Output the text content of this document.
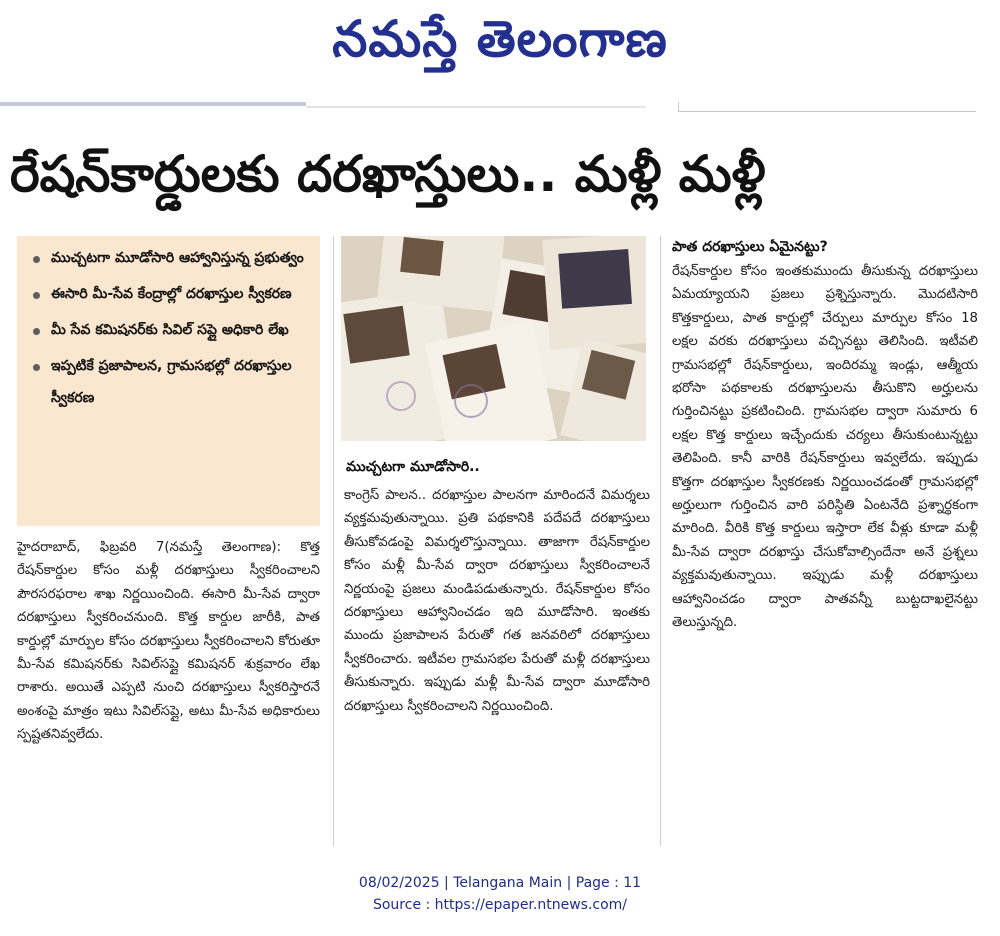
నమస్తే తెలంగాణ
రేషన్‌కార్డులకు దరఖాస్తులు.. మళ్లీ మళ్లీ
ముచ్చటగా మూడోసారి ఆహ్వానిస్తున్న ప్రభుత్వం
ఈసారి మీ-సేవ కేంద్రాల్లో దరఖాస్తుల స్వీకరణ
మీ సేవ కమిషనర్‌కు సివిల్ సప్లై అధికారి లేఖ
ఇప్పటికే ప్రజాపాలన, గ్రామసభల్లో దరఖాస్తుల స్వీకరణ

హైదరాబాద్, ఫిబ్రవరి 7(నమస్తే తెలంగాణ): కొత్త రేషన్‌కార్డుల కోసం మళ్లీ దరఖాస్తులు స్వీకరించాలని పౌరసరఫరాల శాఖ నిర్ణయించింది. ఈసారి మీ-సేవ ద్వారా దరఖాస్తులు స్వీకరించనుంది. కొత్త కార్డుల జారీకి, పాత కార్డుల్లో మార్పుల కోసం దరఖాస్తులు స్వీకరించాలని కోరుతూ మీ-సేవ కమిషనర్‌కు సివిల్‌సప్లై కమిషనర్ శుక్రవారం లేఖ రాశారు. అయితే ఎప్పటి నుంచి దరఖాస్తులు స్వీకరిస్తారనే అంశంపై మాత్రం ఇటు సివిల్‌సప్లై, అటు మీ-సేవ అధికారులు స్పష్టతనివ్వలేదు.

ముచ్చటగా మూడోసారి..

కాంగ్రెస్ పాలన.. దరఖాస్తుల పాలనగా మారిందనే విమర్శలు వ్యక్తమవుతున్నాయి. ప్రతి పథకానికి పదేపదే దరఖాస్తులు తీసుకోవడంపై విమర్శలొస్తున్నాయి. తాజాగా రేషన్‌కార్డుల కోసం మళ్లీ మీ-సేవ ద్వారా దరఖాస్తులు స్వీకరించాలనే నిర్ణయంపై ప్రజలు మండిపడుతున్నారు. రేషన్‌కార్డుల కోసం దరఖాస్తులు ఆహ్వానించడం ఇది మూడోసారి. ఇంతకు ముందు ప్రజాపాలన పేరుతో గత జనవరిలో దరఖాస్తులు స్వీకరించారు. ఇటీవల గ్రామసభల పేరుతో మళ్లీ దరఖాస్తులు తీసుకున్నారు. ఇప్పుడు మళ్లీ మీ-సేవ ద్వారా మూడోసారి దరఖాస్తులు స్వీకరించాలని నిర్ణయించింది.

పాత దరఖాస్తులు ఏమైనట్టు?

రేషన్‌కార్డుల కోసం ఇంతకుముందు తీసుకున్న దరఖాస్తులు ఏమయ్యాయని ప్రజలు ప్రశ్నిస్తున్నారు. మొదటిసారి కొత్తకార్డులు, పాత కార్డుల్లో చేర్పులు మార్పుల కోసం 18 లక్షల వరకు దరఖాస్తులు వచ్చినట్టు తెలిసింది. ఇటీవలి గ్రామసభల్లో రేషన్‌కార్డులు, ఇందిరమ్మ ఇండ్లు, ఆత్మీయ భరోసా పథకాలకు దరఖాస్తులను తీసుకొని అర్హులను గుర్తించినట్టు ప్రకటించింది. గ్రామసభల ద్వారా సుమారు 6 లక్షల కొత్త కార్డులు ఇచ్చేందుకు చర్యలు తీసుకుంటున్నట్టు తెలిపింది. కానీ వారికి రేషన్‌కార్డులు ఇవ్వలేదు. ఇప్పుడు కొత్తగా దరఖాస్తుల స్వీకరణకు నిర్ణయించడంతో గ్రామసభల్లో అర్హులుగా గుర్తించిన వారి పరిస్థితి ఏంటనేది ప్రశ్నార్థకంగా మారింది. వీరికి కొత్త కార్డులు ఇస్తారా లేక వీళ్లు కూడా మళ్లీ మీ-సేవ ద్వారా దరఖాస్తు చేసుకోవాల్సిందేనా అనే ప్రశ్నలు వ్యక్తమవుతున్నాయి. ఇప్పుడు మళ్లీ దరఖాస్తులు ఆహ్వానించడం ద్వారా పాతవన్నీ బుట్టదాఖలైనట్టు తెలుస్తున్నది.

08/02/2025 | Telangana Main | Page : 11
Source : https://epaper.ntnews.com/
